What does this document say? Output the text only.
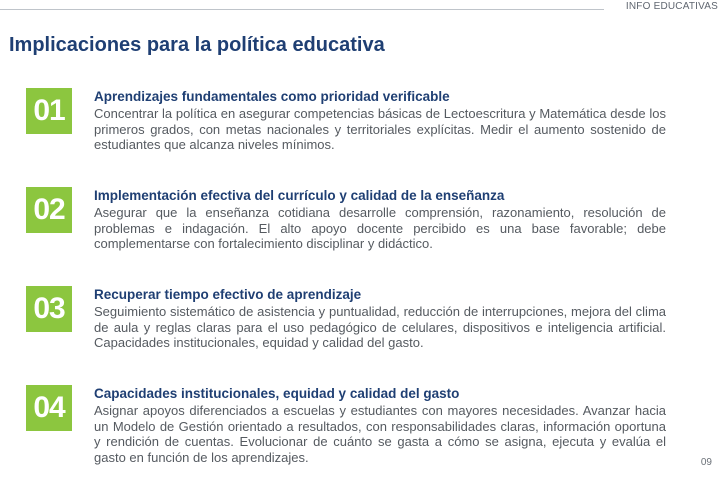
INFO EDUCATIVAS
Implicaciones para la política educativa
01	Aprendizajes fundamentales como prioridad verificable

Concentrar la política en asegurar competencias básicas de Lectoescritura y Matemática desde los primeros grados, con metas nacionales y territoriales explícitas. Medir el aumento sostenido de estudiantes que alcanza niveles mínimos.

02	Implementación efectiva del currículo y calidad de la enseñanza

Asegurar que la enseñanza cotidiana desarrolle comprensión, razonamiento, resolución de problemas e indagación. El alto apoyo docente percibido es una base favorable; debe complementarse con fortalecimiento disciplinar y didáctico.

03	Recuperar tiempo efectivo de aprendizaje

Seguimiento sistemático de asistencia y puntualidad, reducción de interrupciones, mejora del clima de aula y reglas claras para el uso pedagógico de celulares, dispositivos e inteligencia artificial. Capacidades institucionales, equidad y calidad del gasto.

04	Capacidades institucionales, equidad y calidad del gasto

Asignar apoyos diferenciados a escuelas y estudiantes con mayores necesidades. Avanzar hacia un Modelo de Gestión orientado a resultados, con responsabilidades claras, información oportuna y rendición de cuentas. Evolucionar de cuánto se gasta a cómo se asigna, ejecuta y evalúa el gasto en función de los aprendizajes.	09
